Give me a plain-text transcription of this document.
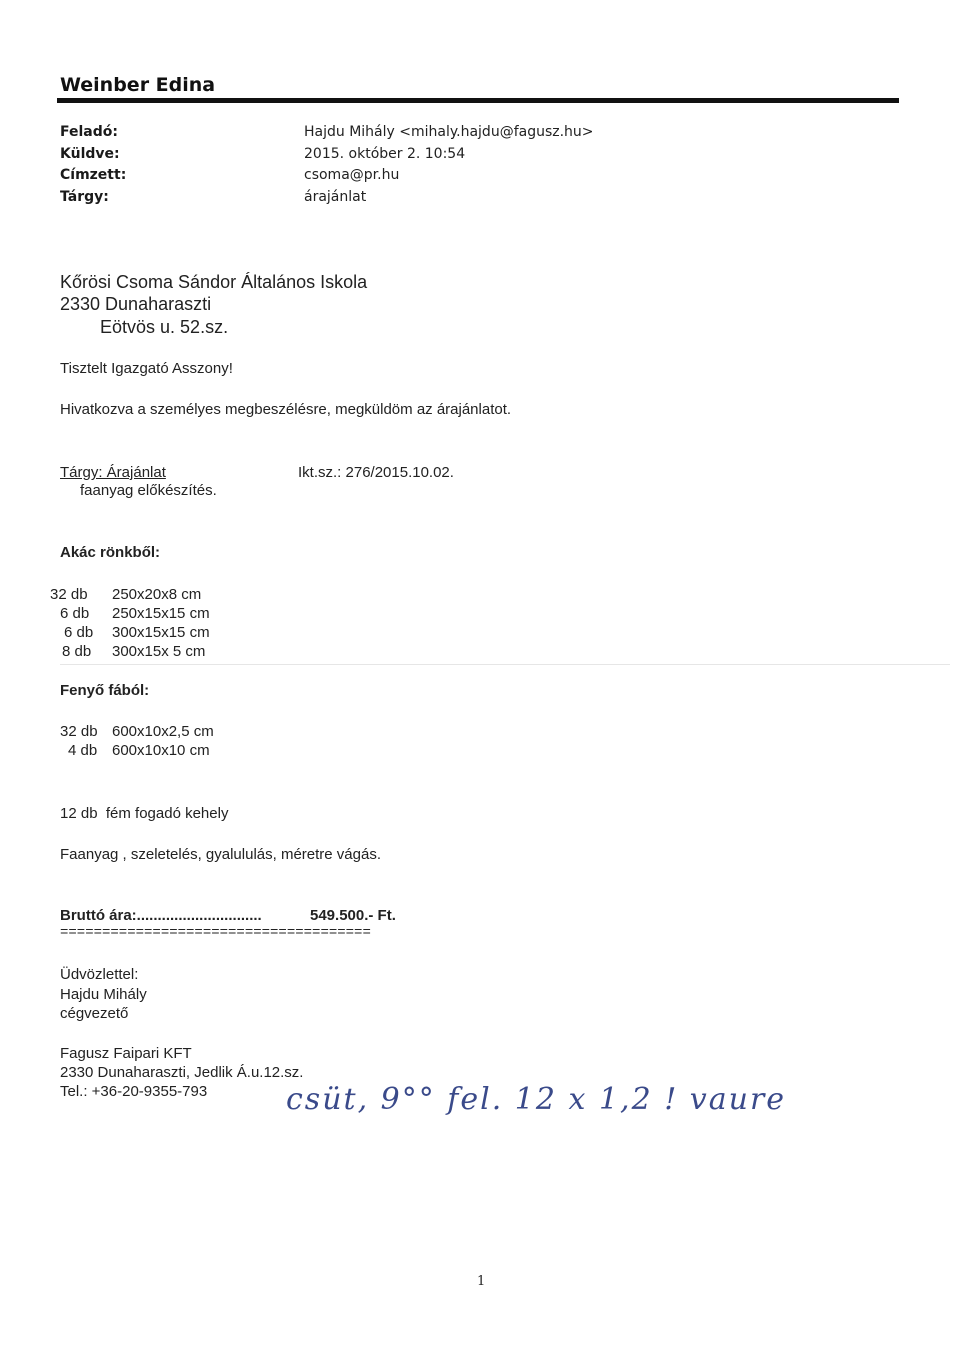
Weinber Edina
Feladó:	Hajdu Mihály <mihaly.hajdu@fagusz.hu>
Küldve:	2015. október 2. 10:54
Címzett:	csoma@pr.hu
Tárgy:	árajánlat
Kőrösi Csoma Sándor Általános Iskola
2330 Dunaharaszti
Eötvös u. 52.sz.
Tisztelt Igazgató Asszony!
Hivatkozva a személyes megbeszélésre, megküldöm az árajánlatot.
Tárgy: Árajánlat
faanyag előkészítés.
Ikt.sz.: 276/2015.10.02.
Akác rönkből:
32 db 250x20x8 cm
6 db	250x15x15 cm
6 db	300x15x15 cm
8 db	300x15x 5 cm
Fenyő fából:
32 db 600x10x2,5 cm
4 db 600x10x10 cm
12 db  fém fogadó kehely
Faanyag , szeletelés, gyalululás, méretre vágás.
Bruttó ára:..............................	549.500.- Ft.
=====================================
Üdvözlettel:
Hajdu Mihály
cégvezető
Fagusz Faipari KFT
2330 Dunaharaszti, Jedlik Á.u.12.sz.
Tel.: +36-20-9355-793	csüt, 9°° fel. 12 x 1,2 ! vaure
1
